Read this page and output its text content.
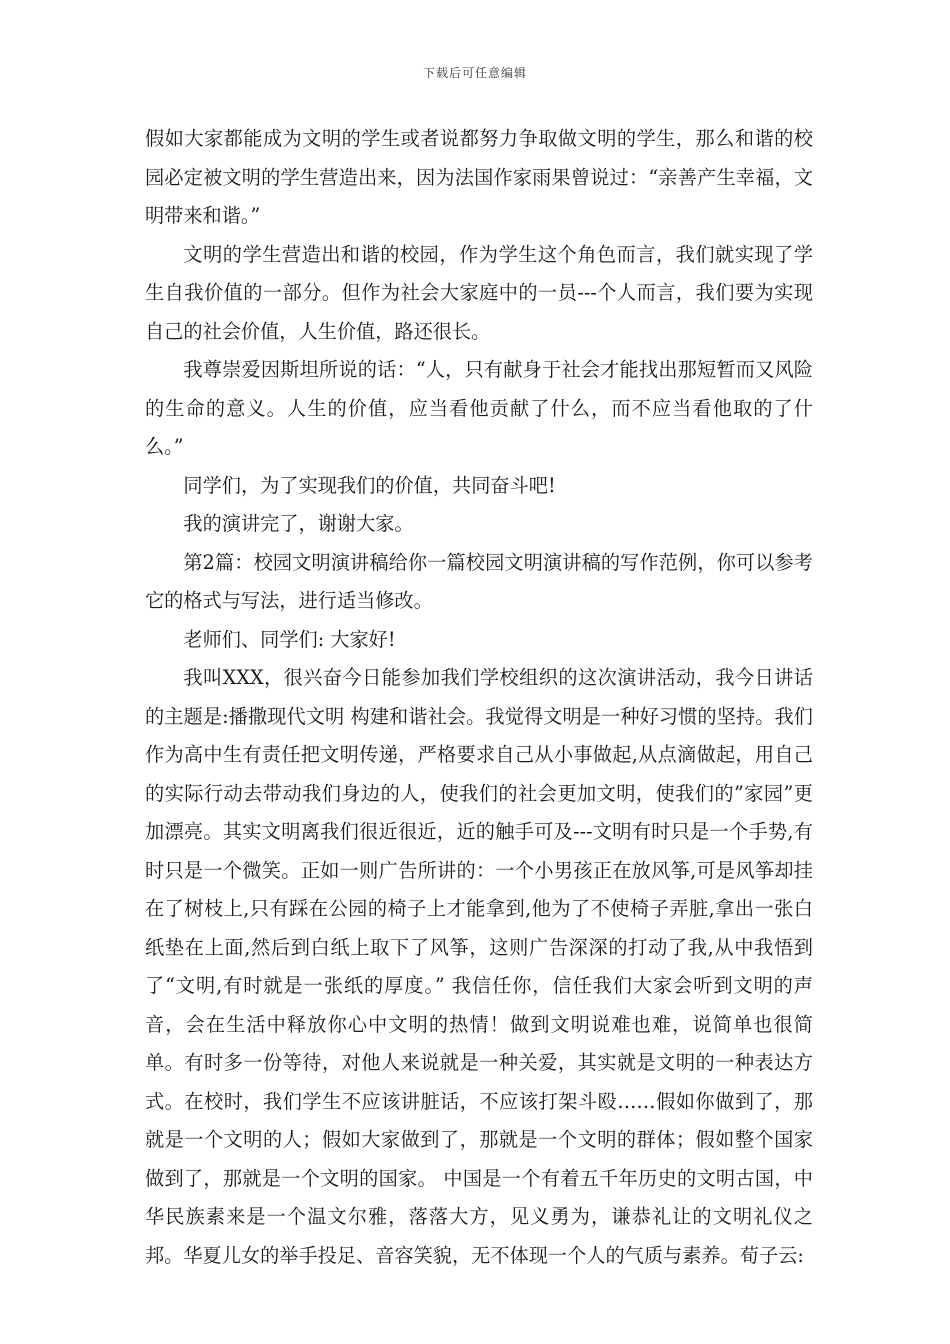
下载后可任意编辑

假如大家都能成为文明的学生或者说都努力争取做文明的学生，那么和谐的校园必定被文明的学生营造出来，因为法国作家雨果曾说过：“亲善产生幸福，文明带来和谐。”

文明的学生营造出和谐的校园，作为学生这个角色而言，我们就实现了学生自我价值的一部分。但作为社会大家庭中的一员---个人而言，我们要为实现自己的社会价值，人生价值，路还很长。

我尊崇爱因斯坦所说的话：“人，只有献身于社会才能找出那短暂而又风险的生命的意义。人生的价值，应当看他贡献了什么，而不应当看他取的了什么。”

同学们，为了实现我们的价值，共同奋斗吧!

我的演讲完了，谢谢大家。

第2篇：校园文明演讲稿给你一篇校园文明演讲稿的写作范例，你可以参考它的格式与写法，进行适当修改。

老师们、同学们: 大家好!

我叫XXX，很兴奋今日能参加我们学校组织的这次演讲活动，我今日讲话的主题是:播撒现代文明 构建和谐社会。我觉得文明是一种好习惯的坚持。我们作为高中生有责任把文明传递，严格要求自己从小事做起,从点滴做起，用自己的实际行动去带动我们身边的人，使我们的社会更加文明，使我们的”家园”更加漂亮。其实文明离我们很近很近，近的触手可及---文明有时只是一个手势,有时只是一个微笑。正如一则广告所讲的：一个小男孩正在放风筝,可是风筝却挂在了树枝上,只有踩在公园的椅子上才能拿到,他为了不使椅子弄脏,拿出一张白纸垫在上面,然后到白纸上取下了风筝，这则广告深深的打动了我,从中我悟到了“文明,有时就是一张纸的厚度。” 我信任你，信任我们大家会听到文明的声音，会在生活中释放你心中文明的热情！做到文明说难也难，说简单也很简单。有时多一份等待，对他人来说就是一种关爱，其实就是文明的一种表达方式。在校时，我们学生不应该讲脏话，不应该打架斗殴……假如你做到了，那就是一个文明的人；假如大家做到了，那就是一个文明的群体；假如整个国家做到了，那就是一个文明的国家。 中国是一个有着五千年历史的文明古国，中华民族素来是一个温文尔雅，落落大方，见义勇为，谦恭礼让的文明礼仪之邦。华夏儿女的举手投足、音容笑貌，无不体现一个人的气质与素养。荀子云:
